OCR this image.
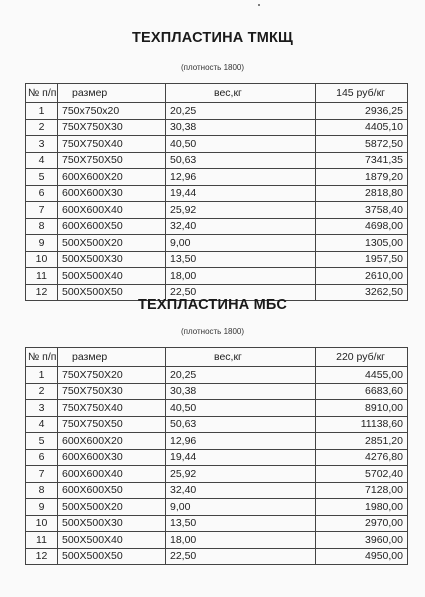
ТЕХПЛАСТИНА ТМКЩ
(плотность 1800)
№ п/п	размер	вес,кг	145 руб/кг
1	750х750х20	20,25	2936,25
2	750Х750Х30	30,38	4405,10
3	750Х750Х40	40,50	5872,50
4	750Х750Х50	50,63	7341,35
5	600Х600Х20	12,96	1879,20
6	600Х600Х30	19,44	2818,80
7	600Х600Х40	25,92	3758,40
8	600Х600Х50	32,40	4698,00
9	500Х500Х20	9,00	1305,00
10	500Х500Х30	13,50	1957,50
11	500Х500Х40	18,00	2610,00
12	500Х500Х50	22,50	3262,50
ТЕХПЛАСТИНА МБС
(плотность 1800)
№ п/п	размер	вес,кг	220 руб/кг
1	750Х750Х20	20,25	4455,00
2	750Х750Х30	30,38	6683,60
3	750Х750Х40	40,50	8910,00
4	750Х750Х50	50,63	11138,60
5	600Х600Х20	12,96	2851,20
6	600Х600Х30	19,44	4276,80
7	600Х600Х40	25,92	5702,40
8	600Х600Х50	32,40	7128,00
9	500Х500Х20	9,00	1980,00
10	500Х500Х30	13,50	2970,00
11	500Х500Х40	18,00	3960,00
12	500Х500Х50	22,50	4950,00
